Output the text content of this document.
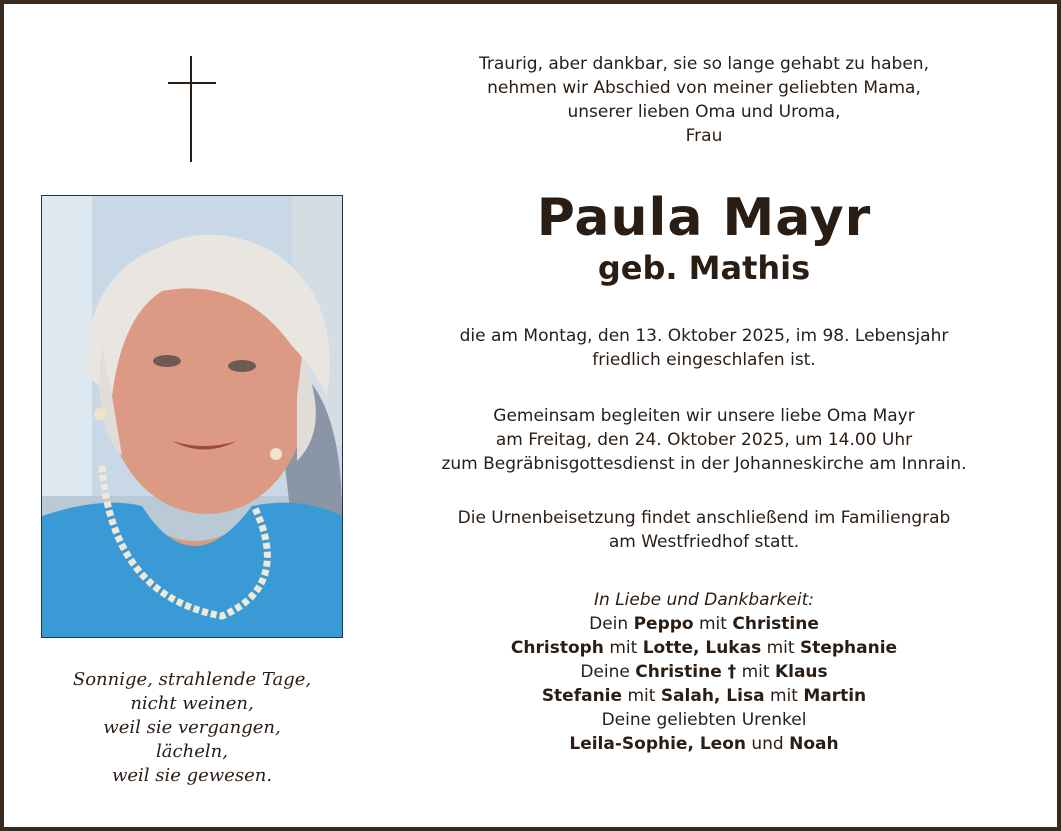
Sonnige, strahlende Tage,
nicht weinen,
weil sie vergangen,
lächeln,
weil sie gewesen.
Traurig, aber dankbar, sie so lange gehabt zu haben,
nehmen wir Abschied von meiner geliebten Mama,
unserer lieben Oma und Uroma,
Frau
Paula Mayr
geb. Mathis
die am Montag, den 13. Oktober 2025, im 98. Lebensjahr
friedlich eingeschlafen ist.
Gemeinsam begleiten wir unsere liebe Oma Mayr
am Freitag, den 24. Oktober 2025, um 14.00 Uhr
zum Begräbnisgottesdienst in der Johanneskirche am Innrain.
Die Urnenbeisetzung findet anschließend im Familiengrab
am Westfriedhof statt.
In Liebe und Dankbarkeit:
Dein Peppo mit Christine
Christoph mit Lotte, Lukas mit Stephanie
Deine Christine † mit Klaus
Stefanie mit Salah, Lisa mit Martin
Deine geliebten Urenkel
Leila-Sophie, Leon und Noah
